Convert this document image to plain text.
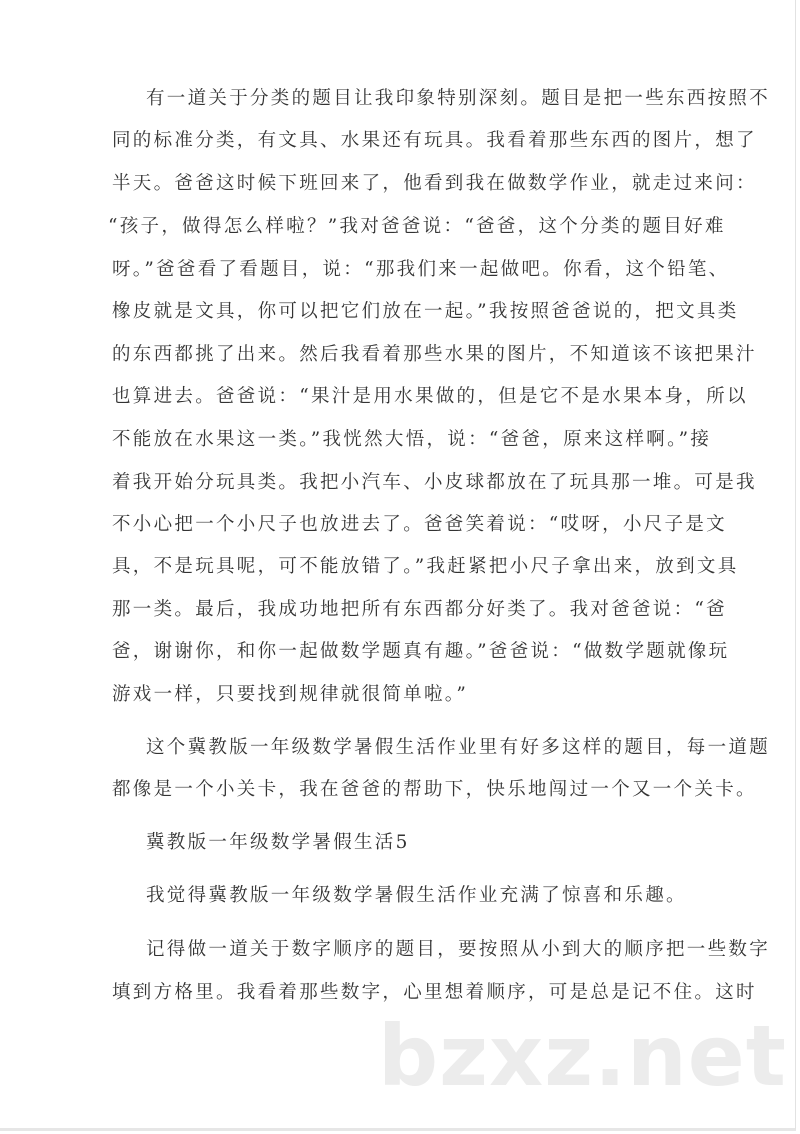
bzxz.net
有一道关于分类的题目让我印象特别深刻。题目是把一些东西按照不
同的标准分类，有文具、水果还有玩具。我看着那些东西的图片，想了
半天。爸爸这时候下班回来了，他看到我在做数学作业，就走过来问：
“孩子，做得怎么样啦？”我对爸爸说：“爸爸，这个分类的题目好难
呀。”爸爸看了看题目，说：“那我们来一起做吧。你看，这个铅笔、
橡皮就是文具，你可以把它们放在一起。”我按照爸爸说的，把文具类
的东西都挑了出来。然后我看着那些水果的图片，不知道该不该把果汁
也算进去。爸爸说：“果汁是用水果做的，但是它不是水果本身，所以
不能放在水果这一类。”我恍然大悟，说：“爸爸，原来这样啊。”接
着我开始分玩具类。我把小汽车、小皮球都放在了玩具那一堆。可是我
不小心把一个小尺子也放进去了。爸爸笑着说：“哎呀，小尺子是文
具，不是玩具呢，可不能放错了。”我赶紧把小尺子拿出来，放到文具
那一类。最后，我成功地把所有东西都分好类了。我对爸爸说：“爸
爸，谢谢你，和你一起做数学题真有趣。”爸爸说：“做数学题就像玩
游戏一样，只要找到规律就很简单啦。”
这个冀教版一年级数学暑假生活作业里有好多这样的题目，每一道题
都像是一个小关卡，我在爸爸的帮助下，快乐地闯过一个又一个关卡。
冀教版一年级数学暑假生活5
我觉得冀教版一年级数学暑假生活作业充满了惊喜和乐趣。
记得做一道关于数字顺序的题目，要按照从小到大的顺序把一些数字
填到方格里。我看着那些数字，心里想着顺序，可是总是记不住。这时
